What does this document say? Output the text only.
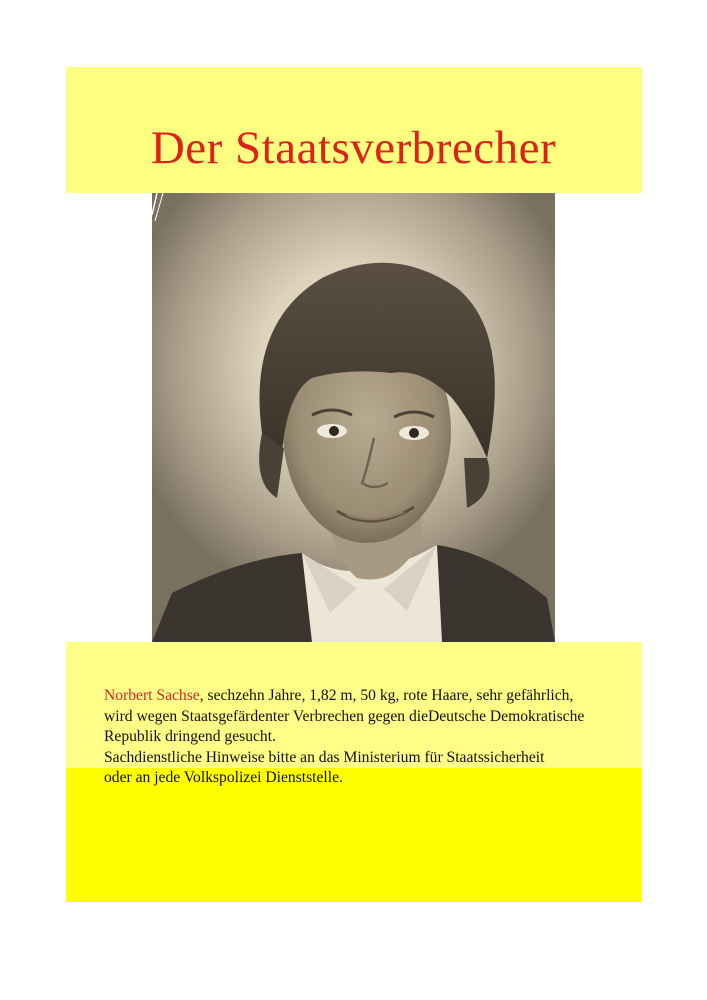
Der Staatsverbrecher
Norbert Sachse, sechzehn Jahre, 1,82 m, 50 kg, rote Haare, sehr gefährlich,
wird wegen Staatsgefärdenter Verbrechen gegen dieDeutsche Demokratische
Republik dringend gesucht.
Sachdienstliche Hinweise bitte an das Ministerium für Staatssicherheit
oder an jede Volkspolizei Dienststelle.
